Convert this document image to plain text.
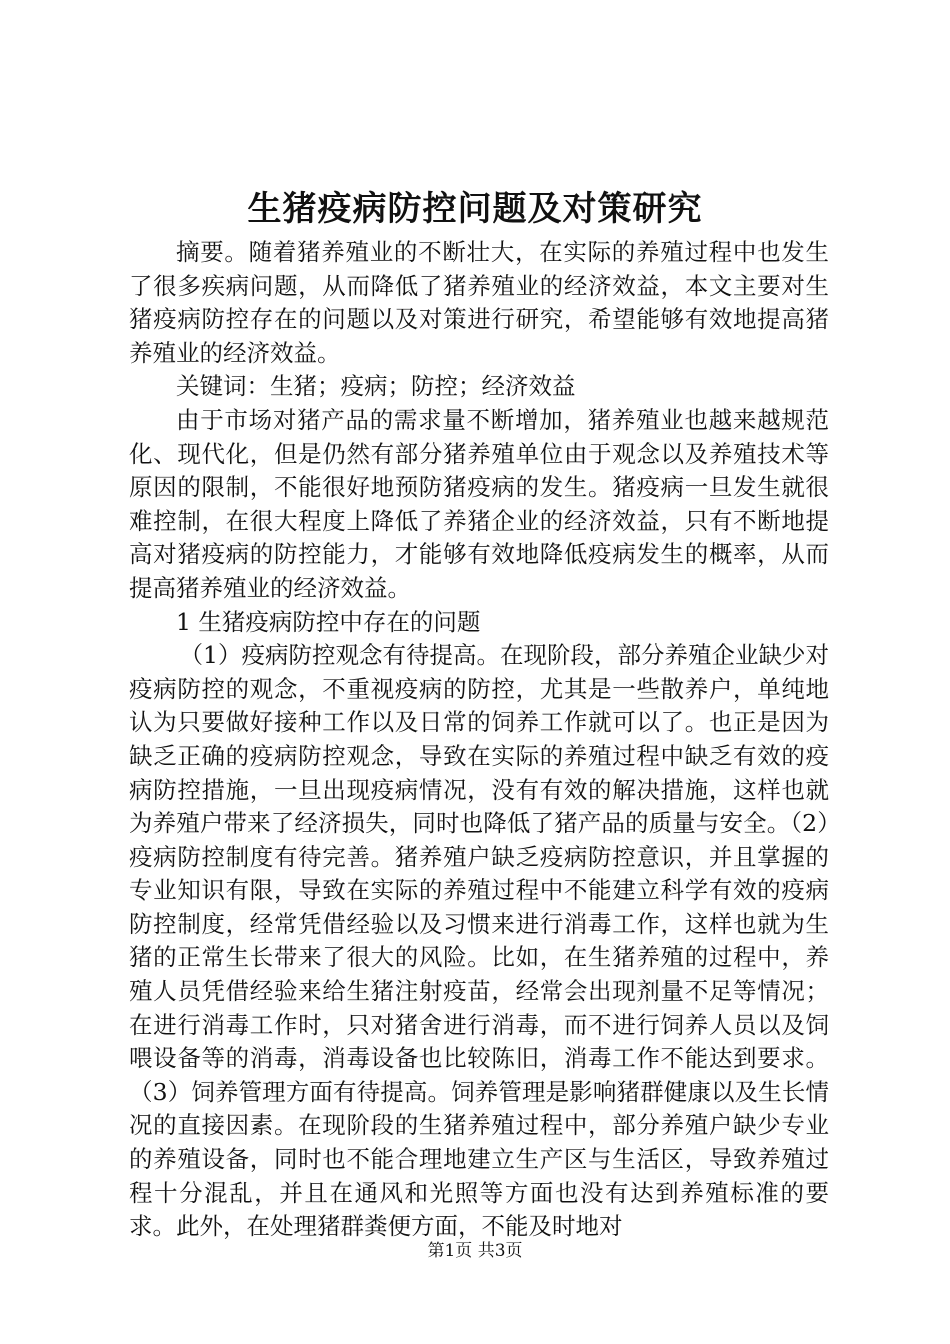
生猪疫病防控问题及对策研究

摘要。随着猪养殖业的不断壮大，在实际的养殖过程中也发生了很多疾病问题，从而降低了猪养殖业的经济效益，本文主要对生猪疫病防控存在的问题以及对策进行研究，希望能够有效地提高猪养殖业的经济效益。

关键词：生猪；疫病；防控；经济效益

由于市场对猪产品的需求量不断增加，猪养殖业也越来越规范化、现代化，但是仍然有部分猪养殖单位由于观念以及养殖技术等原因的限制，不能很好地预防猪疫病的发生。猪疫病一旦发生就很难控制，在很大程度上降低了养猪企业的经济效益，只有不断地提高对猪疫病的防控能力，才能够有效地降低疫病发生的概率，从而提高猪养殖业的经济效益。

1 生猪疫病防控中存在的问题

（1）疫病防控观念有待提高。在现阶段，部分养殖企业缺少对疫病防控的观念，不重视疫病的防控，尤其是一些散养户，单纯地认为只要做好接种工作以及日常的饲养工作就可以了。也正是因为缺乏正确的疫病防控观念，导致在实际的养殖过程中缺乏有效的疫病防控措施，一旦出现疫病情况，没有有效的解决措施，这样也就为养殖户带来了经济损失，同时也降低了猪产品的质量与安全。（2）疫病防控制度有待完善。猪养殖户缺乏疫病防控意识，并且掌握的专业知识有限，导致在实际的养殖过程中不能建立科学有效的疫病防控制度，经常凭借经验以及习惯来进行消毒工作，这样也就为生猪的正常生长带来了很大的风险。比如，在生猪养殖的过程中，养殖人员凭借经验来给生猪注射疫苗，经常会出现剂量不足等情况；在进行消毒工作时，只对猪舍进行消毒，而不进行饲养人员以及饲喂设备等的消毒，消毒设备也比较陈旧，消毒工作不能达到要求。（3）饲养管理方面有待提高。饲养管理是影响猪群健康以及生长情况的直接因素。在现阶段的生猪养殖过程中，部分养殖户缺少专业的养殖设备，同时也不能合理地建立生产区与生活区，导致养殖过程十分混乱，并且在通风和光照等方面也没有达到养殖标准的要求。此外，在处理猪群粪便方面，不能及时地对

第1页 共3页
